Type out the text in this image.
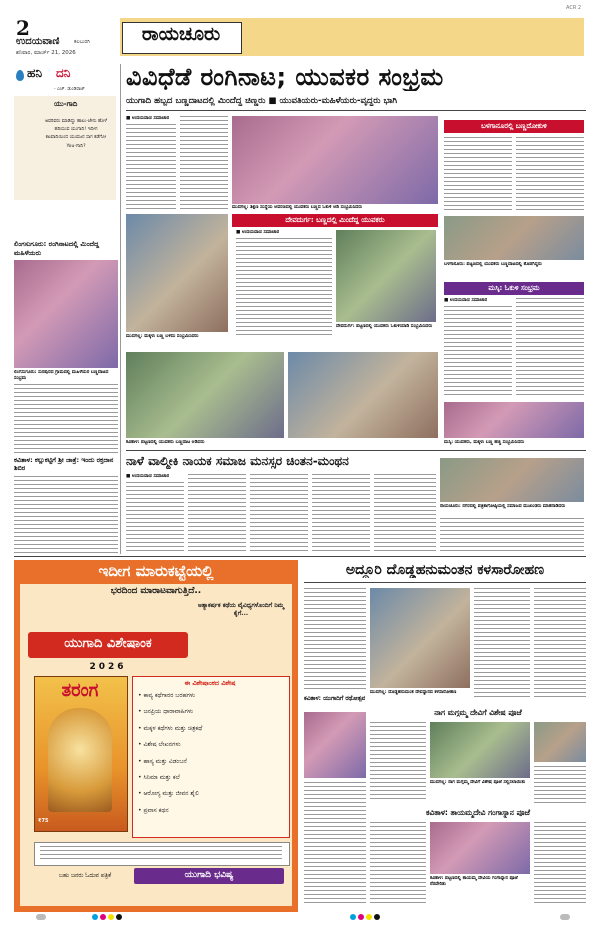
2
ಉದಯವಾಣಿ	ಕಲಬುರಗಿ
ಶನಿವಾರ, ಮಾರ್ಚ್ 21, 2026
ರಾಯಚೂರು
ACR 2
ಹನಿ ದನಿ
- ಎಚ್. ಡುಂಡಿರಾಜ್
ಯು-ಗಾದಿ
ಅವರಿವರು ಮಾಡಿದ್ದು ಹಾಲು-ಜೇನು ಹೊಳೆ ಹರಿಯುವ ಯುಗಾದಿ! ಇದೀಗ ಕಟವಾದಿಯಿಂದ ಯುವಜನ ಸಾಗ ಕಡೆಗೋ You-ಗಾದಿ?
ಲಿಂಗಸುಗೂರು: ರಂಗಿನಾಟದಲ್ಲಿ ಮಿಂದೆದ್ದ ಮಹಿಳೆಯರು
ಲಿಂಗಸುಗೂರು: ಸುರಪುರದ ಗ್ರಾಮದಲ್ಲಿ ಮಹಿಳೆಯರ ಬಣ್ಣದಾಟದ ಸಂಭ್ರಮ
ಕವಿತಾಳ: ಕಲ್ಲುಕಟ್ಟಿಗೆ ಶ್ರೀ ಜಾತ್ರೆ: ಇಂದು ರಕ್ತದಾನ ಶಿಬಿರ
ವಿವಿಧೆಡೆ ರಂಗಿನಾಟ; ಯುವಕರ ಸಂಭ್ರಮ
ಯುಗಾದಿ ಹಬ್ಬದ ಬಣ್ಣದಾಟದಲ್ಲಿ ಮಿಂದೆದ್ದ ಚಿಣ್ಣರು ■ ಯುವತಿಯರು-ಮಹಿಳೆಯರು-ವೃದ್ಧರು ಭಾಗಿ
■ ಉದಯವಾಣಿ ಸಮಾಚಾರ
ಮುದಗಲ್ಲ: ಶಿಕ್ಷಣ ಸಂಸ್ಥೆಯ ಆವರಣದಲ್ಲಿ ಯುವಕರು ಬಣ್ಣದ ಓಕುಳಿ ಆಡಿ ಸಂಭ್ರಮಿಸಿದರು
ಬಳಗಾನೂರಲ್ಲಿ ಬಣ್ಣದೋಕುಳಿ
ಬಳಗಾನೂರು: ಪಟ್ಟಣದಲ್ಲಿ ಯುವಕರು ಬಣ್ಣದಾಟದಲ್ಲಿ ತೊಡಗಿದ್ದರು
ಮುದಗಲ್ಲ: ಮಕ್ಕಳು ಬಣ್ಣ ಬಳಿದು ಸಂಭ್ರಮಿಸಿದರು
ದೇವದುರ್ಗ: ಬಣ್ಣದಲ್ಲಿ ಮಿಂದೆದ್ದ ಯುವಕರು
■ ಉದಯವಾಣಿ ಸಮಾಚಾರ
ದೇವದುರ್ಗ: ಪಟ್ಟಣದಲ್ಲಿ ಯುವಕರು ಓಕುಳಿಯಾಡಿ ಸಂಭ್ರಮಿಸಿದರು
ಮಸ್ಕಿ: ಓಕುಳಿ ಸಂಭ್ರಮ
■ ಉದಯವಾಣಿ ಸಮಾಚಾರ
ಮಸ್ಕಿ: ಯುವಕರು, ಮಕ್ಕಳು ಬಣ್ಣ ಹಚ್ಚಿ ಸಂಭ್ರಮಿಸಿದರು
ಕವಿತಾಳ: ಪಟ್ಟಣದಲ್ಲಿ ಯುವಕರು ಬಣ್ಣದಾಟ ಆಡಿದರು
ನಾಳೆ ವಾಲ್ಮೀಕಿ ನಾಯಕ ಸಮಾಜ ಮನಸ್ಸರ ಚಿಂತನ-ಮಂಥನ
■ ಉದಯವಾಣಿ ಸಮಾಚಾರ
ರಾಯಚೂರು: ನಗರದಲ್ಲಿ ಪತ್ರಿಕಾಗೋಷ್ಠಿಯಲ್ಲಿ ಸಮಾಜದ ಮುಖಂಡರು ಮಾತನಾಡಿದರು
ಇದೀಗ ಮಾರುಕಟ್ಟೆಯಲ್ಲಿ
ಭರದಿಂದ ಮಾರಾಟವಾಗುತ್ತಿದೆ..
ಅತ್ಯಾಕರ್ಷಕ ಕಥೆಯ ವೈವಿಧ್ಯಗಳೊಂದಿಗೆ ನಿಮ್ಮ ಕೈಗೆ...
ಯುಗಾದಿ ವಿಶೇಷಾಂಕ
2026
ತರಂಗ
₹75
ಈ ವಿಶೇಷಾಂಕದ ವಿಶೇಷ
• ಕಾವ್ಯ ಕಥೆಗಾರರ ಬರಹಗಳು
• ಜನಪ್ರಿಯ ಧಾರಾವಾಹಿಗಳು
• ಮಕ್ಕಳ ಕಥೆಗಳು ಮತ್ತು ಚಿತ್ರಕಥೆ
• ವಿಶೇಷ ಲೇಖನಗಳು
• ಹಾಸ್ಯ ಮತ್ತು ವಿಡಂಬನೆ
• ಸಿನಿಮಾ ಮತ್ತು ಕಲೆ
• ಆರೋಗ್ಯ ಮತ್ತು ಜೀವನ ಶೈಲಿ
• ಪ್ರವಾಸ ಕಥನ
ಬಹು ಜನರು ಓದುವ ಪತ್ರಿಕೆ	ಯುಗಾದಿ ಭವಿಷ್ಯ
ಅದ್ದೂರಿ ದೊಡ್ಡಹನುಮಂತನ ಕಳಸಾರೋಹಣ
ಮುದಗಲ್ಲ: ದೊಡ್ಡಹನುಮಂತ ದೇವಸ್ಥಾನದ ಕಳಸಾರೋಹಣ
ಕವಿತಾಳ: ಯುಗಾದಿಗೆ ರಥೋತ್ಸವ
ನಾಗ ಮಗ್ಗಮ್ಮ ದೇವಿಗೆ ವಿಶೇಷ ಪೂಜೆ
ಮುದಗಲ್ಲ: ನಾಗ ಮಗ್ಗಮ್ಮ ದೇವಿಗೆ ವಿಶೇಷ ಪೂಜೆ ಸಲ್ಲಿಸಲಾಯಿತು
ಕವಿತಾಳ: ತಾಯಮ್ಮದೇವಿ ಗಂಗಾಸ್ನಾನ ಪೂಜೆ
ಕವಿತಾಳ: ಪಟ್ಟಣದಲ್ಲಿ ತಾಯಮ್ಮ ದೇವಿಯ ಗಂಗಾಸ್ನಾನ ಪೂಜೆ ನೆರವೇರಿತು
